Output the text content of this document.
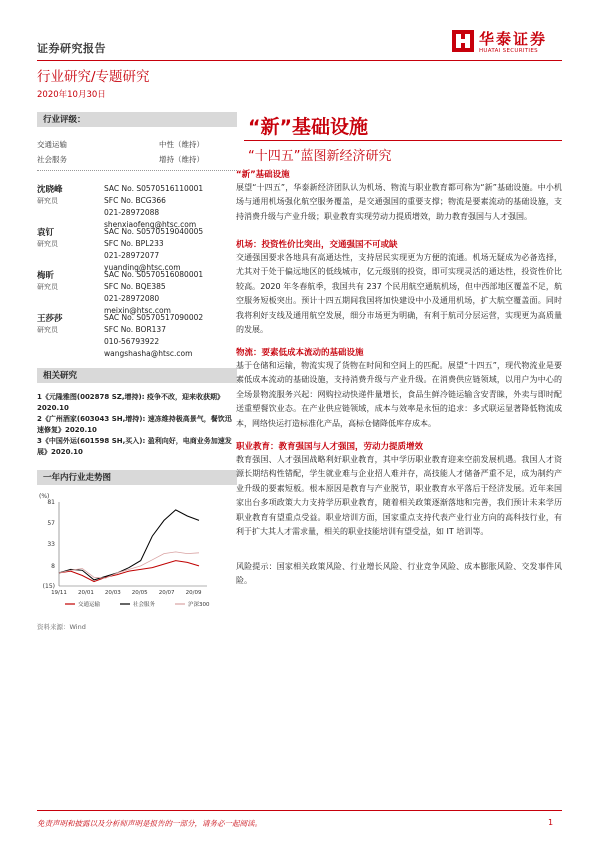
证券研究报告
华泰证券
HUATAI SECURITIES
行业研究/专题研究
2020年10月30日
行业评级：
交通运输	中性（维持）
社会服务	增持（维持）
沈晓峰
研究员
SAC No. S0570516110001
SFC No. BCG366
021-28972088
shenxiaofeng@htsc.com
袁钉
研究员
SAC No. S0570519040005
SFC No. BPL233
021-28972077
yuanding@htsc.com
梅昕
研究员
SAC No. S0570516080001
SFC No. BQE385
021-28972080
meixin@htsc.com
王莎莎
研究员
SAC No. S0570517090002
SFC No. BOR137
010-56793922
wangshasha@htsc.com
相关研究
1《元隆雅图(002878 SZ,增持): 疫争不改，迎来收获期》2020.10
2《广州酒家(603043 SH,增持): 速冻维持极高景气，餐饮迅速修复》2020.10
3《中国外运(601598 SH,买入): 盈利向好，电商业务加速发展》2020.10
一年内行业走势图
(%)
81
57
33
8
(15)
19/11 20/01 20/03 20/05 20/07 20/09
交通运输	社会服务	沪深300
资料来源：Wind
“新”基础设施
“十四五”蓝图新经济研究
“新”基础设施
展望“十四五”，华泰新经济团队认为机场、物流与职业教育都可称为“新”基础设施。中小机场与通用机场强化航空服务覆盖，是交通强国的重要支撑；物流是要素流动的基础设施，支持消费升级与产业升级；职业教育实现劳动力提质增效，助力教育强国与人才强国。
机场：投资性价比突出，交通强国不可或缺
交通强国要求各地具有高通达性，支持居民实现更为方便的流通。机场无疑成为必备选择，尤其对于处于偏远地区的低线城市，亿元级别的投资，即可实现灵活的通达性，投资性价比较高。2020 年冬春航季，我国共有 237 个民用航空通航机场，但中西部地区覆盖不足，航空服务短板突出。预计十四五期间我国将加快建设中小及通用机场，扩大航空覆盖面。同时我将利好支线及通用航空发展，细分市场更为明确，有利于航司分层运营，实现更为高质量的发展。
物流：要素低成本流动的基础设施
基于仓储和运输，物流实现了货物在时间和空间上的匹配。展望“十四五”，现代物流业是要素低成本流动的基础设施，支持消费升级与产业升级。在消费供应链领域，以用户为中心的全场景物流服务兴起：网购拉动快递件量增长，食品生鲜冷链运输含安青睐，外卖与即时配送重塑餐饮业态。在产业供应链领域，成本与效率是永恒的追求：多式联运显著降低物流成本，网络快运打造标准化产品，高标仓储降低库存成本。
职业教育：教育强国与人才强国，劳动力提质增效
教育强国、人才强国战略利好职业教育，其中学历职业教育迎来空前发展机遇。我国人才资源长期结构性错配，学生就业难与企业招人难并存，高技能人才储备严重不足，成为制约产业升级的要素短板。根本原因是教育与产业脱节，职业教育水平落后于经济发展。近年来国家出台多项政策大力支持学历职业教育，随着相关政策逐渐落地和完善，我们预计未来学历职业教育有望重点受益。职业培训方面，国家重点支持代表产业行业方向的高科技行业，有利于扩大其人才需求量，相关的职业技能培训有望受益，如 IT 培训等。
风险提示：国家相关政策风险、行业增长风险、行业竞争风险、成本膨胀风险、交发事件风险。
免责声明和披露以及分析师声明是报告的一部分，请务必一起阅读。	1
